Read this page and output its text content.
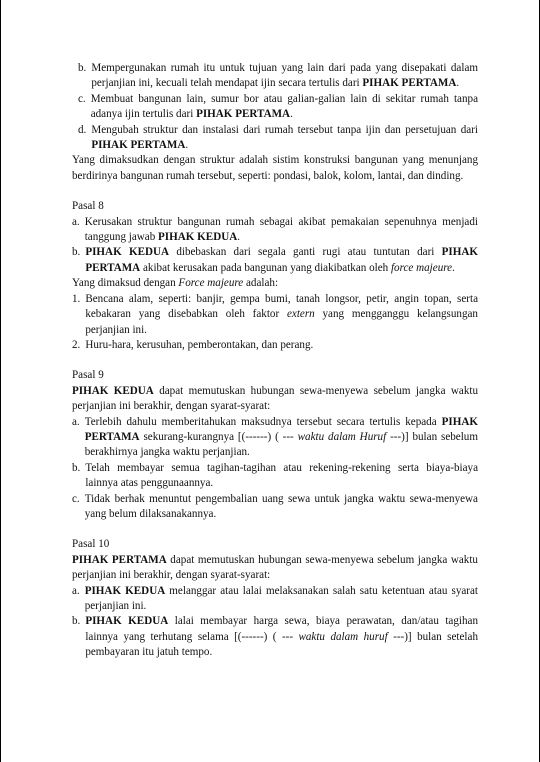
b. Mempergunakan rumah itu untuk tujuan yang lain dari pada yang disepakati dalam perjanjian ini, kecuali telah mendapat ijin secara tertulis dari PIHAK PERTAMA.
c. Membuat bangunan lain, sumur bor atau galian-galian lain di sekitar rumah tanpa adanya ijin tertulis dari PIHAK PERTAMA.
d. Mengubah struktur dan instalasi dari rumah tersebut tanpa ijin dan persetujuan dari PIHAK PERTAMA.
Yang dimaksudkan dengan struktur adalah sistim konstruksi bangunan yang menunjang berdirinya bangunan rumah tersebut, seperti: pondasi, balok, kolom, lantai, dan dinding.
Pasal 8
a. Kerusakan struktur bangunan rumah sebagai akibat pemakaian sepenuhnya menjadi tanggung jawab PIHAK KEDUA.
b. PIHAK KEDUA dibebaskan dari segala ganti rugi atau tuntutan dari PIHAK PERTAMA akibat kerusakan pada bangunan yang diakibatkan oleh force majeure.
Yang dimaksud dengan Force majeure adalah:
1. Bencana alam, seperti: banjir, gempa bumi, tanah longsor, petir, angin topan, serta kebakaran yang disebabkan oleh faktor extern yang mengganggu kelangsungan perjanjian ini.
2. Huru-hara, kerusuhan, pemberontakan, dan perang.
Pasal 9
PIHAK KEDUA dapat memutuskan hubungan sewa-menyewa sebelum jangka waktu perjanjian ini berakhir, dengan syarat-syarat:
a. Terlebih dahulu memberitahukan maksudnya tersebut secara tertulis kepada PIHAK PERTAMA sekurang-kurangnya [(------) ( --- waktu dalam Huruf ---)] bulan sebelum berakhirnya jangka waktu perjanjian.
b. Telah membayar semua tagihan-tagihan atau rekening-rekening serta biaya-biaya lainnya atas penggunaannya.
c. Tidak berhak menuntut pengembalian uang sewa untuk jangka waktu sewa-menyewa yang belum dilaksanakannya.
Pasal 10
PIHAK PERTAMA dapat memutuskan hubungan sewa-menyewa sebelum jangka waktu perjanjian ini berakhir, dengan syarat-syarat:
a. PIHAK KEDUA melanggar atau lalai melaksanakan salah satu ketentuan atau syarat perjanjian ini.
b. PIHAK KEDUA lalai membayar harga sewa, biaya perawatan, dan/atau tagihan lainnya yang terhutang selama [(------) ( --- waktu dalam huruf ---)] bulan setelah pembayaran itu jatuh tempo.
